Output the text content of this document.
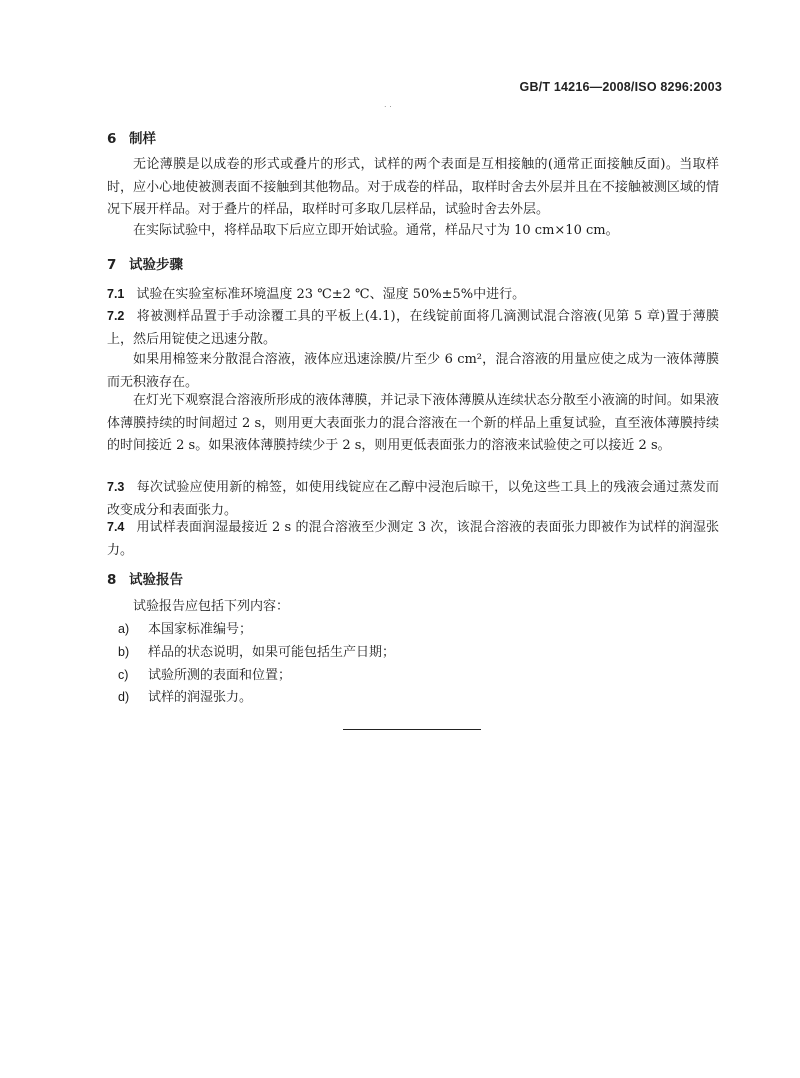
GB/T 14216—2008/ISO 8296:2003
. .
6 制样

无论薄膜是以成卷的形式或叠片的形式，试样的两个表面是互相接触的(通常正面接触反面)。当取样时，应小心地使被测表面不接触到其他物品。对于成卷的样品，取样时舍去外层并且在不接触被测区域的情况下展开样品。对于叠片的样品，取样时可多取几层样品，试验时舍去外层。

在实际试验中，将样品取下后应立即开始试验。通常，样品尺寸为 10 cm×10 cm。

7 试验步骤

7.1 试验在实验室标准环境温度 23 ℃±2 ℃、湿度 50%±5%中进行。

7.2 将被测样品置于手动涂覆工具的平板上(4.1)，在线锭前面将几滴测试混合溶液(见第 5 章)置于薄膜上，然后用锭使之迅速分散。

如果用棉签来分散混合溶液，液体应迅速涂膜/片至少 6 cm²，混合溶液的用量应使之成为一液体薄膜而无积液存在。

在灯光下观察混合溶液所形成的液体薄膜，并记录下液体薄膜从连续状态分散至小液滴的时间。如果液体薄膜持续的时间超过 2 s，则用更大表面张力的混合溶液在一个新的样品上重复试验，直至液体薄膜持续的时间接近 2 s。如果液体薄膜持续少于 2 s，则用更低表面张力的溶液来试验使之可以接近 2 s。

7.3 每次试验应使用新的棉签，如使用线锭应在乙醇中浸泡后晾干，以免这些工具上的残液会通过蒸发而改变成分和表面张力。

7.4 用试样表面润湿最接近 2 s 的混合溶液至少测定 3 次，该混合溶液的表面张力即被作为试样的润湿张力。

8 试验报告

试验报告应包括下列内容：

a) 本国家标准编号；
b) 样品的状态说明，如果可能包括生产日期；
c) 试验所测的表面和位置；
d) 试样的润湿张力。
